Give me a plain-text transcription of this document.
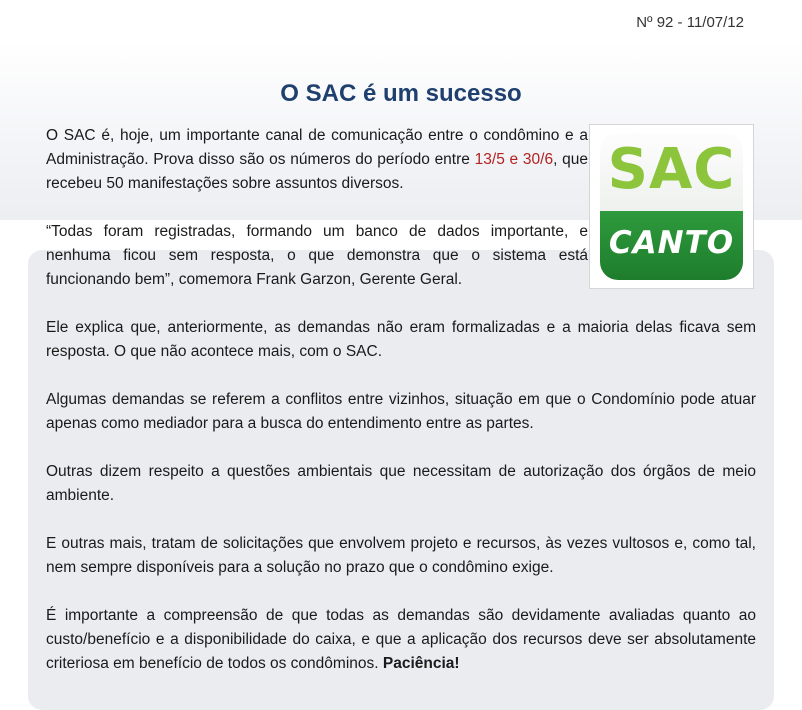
Nº 92 - 11/07/12
O SAC é um sucesso
SAC
CANTO
O SAC é, hoje, um importante canal de comunicação entre o condômino e a Administração. Prova disso são os números do período entre 13/5 e 30/6, que recebeu 50 manifestações sobre assuntos diversos.
“Todas foram registradas, formando um banco de dados importante, e nenhuma ficou sem resposta, o que demonstra que o sistema está funcionando bem”, comemora Frank Garzon, Gerente Geral.
Ele explica que, anteriormente, as demandas não eram formalizadas e a maioria delas ficava sem resposta. O que não acontece mais, com o SAC.
Algumas demandas se referem a conflitos entre vizinhos, situação em que o Condomínio pode atuar apenas como mediador para a busca do entendimento entre as partes.
Outras dizem respeito a questões ambientais que necessitam de autorização dos órgãos de meio ambiente.
E outras mais, tratam de solicitações que envolvem projeto e recursos, às vezes vultosos e, como tal, nem sempre disponíveis para a solução no prazo que o condômino exige.
É importante a compreensão de que todas as demandas são devidamente avaliadas quanto ao custo/benefício e a disponibilidade do caixa, e que a aplicação dos recursos deve ser absolutamente criteriosa em benefício de todos os condôminos. Paciência!
